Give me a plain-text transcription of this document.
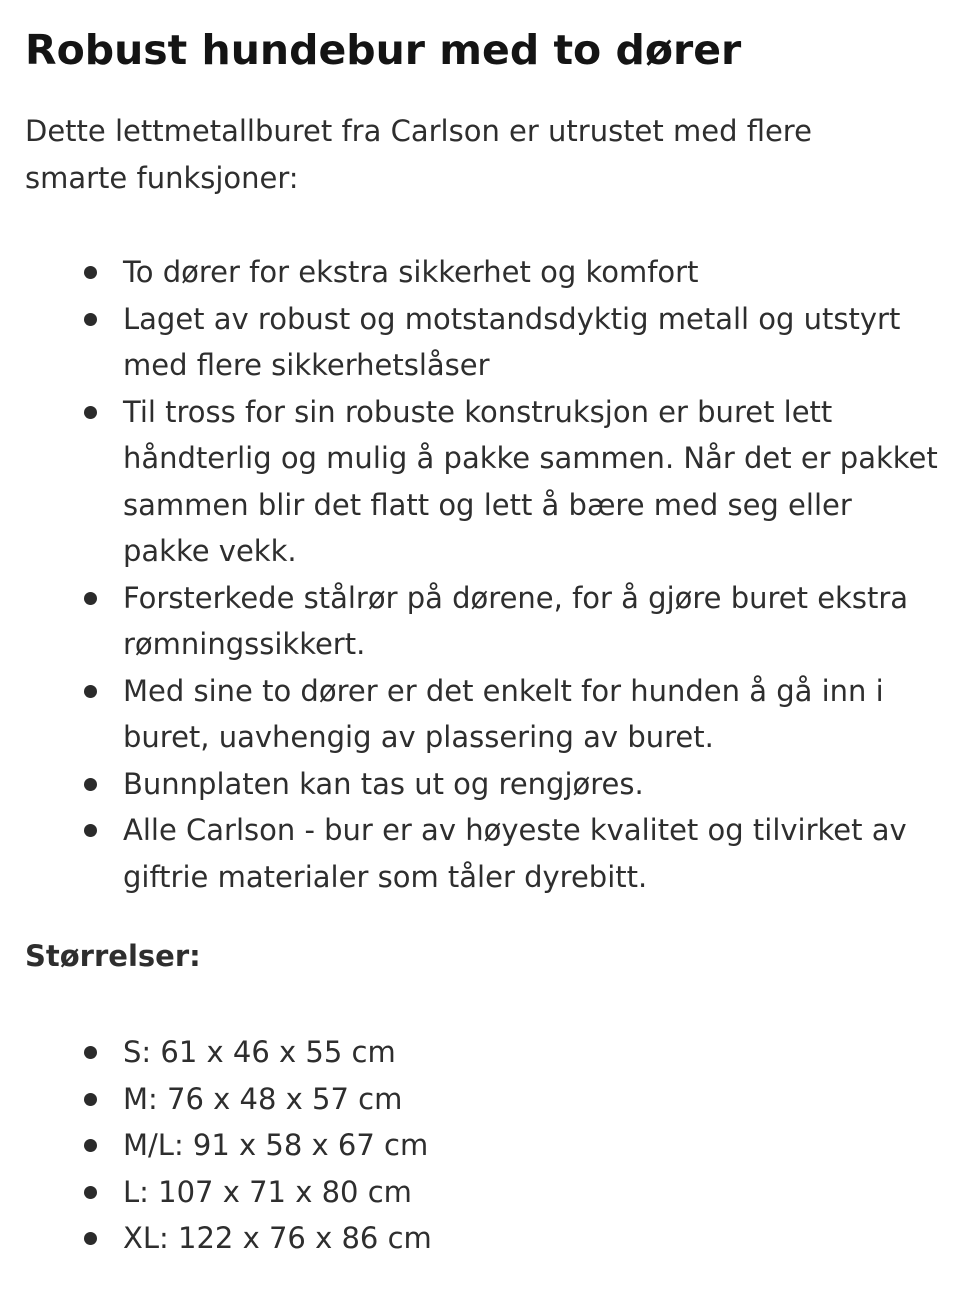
Robust hundebur med to dører

Dette lettmetallburet fra Carlson er utrustet med flere smarte funksjoner:

To dører for ekstra sikkerhet og komfort
Laget av robust og motstandsdyktig metall og utstyrt med flere sikkerhetslåser
Til tross for sin robuste konstruksjon er buret lett håndterlig og mulig å pakke sammen. Når det er pakket sammen blir det flatt og lett å bære med seg eller pakke vekk.
Forsterkede stålrør på dørene, for å gjøre buret ekstra rømningssikkert.
Med sine to dører er det enkelt for hunden å gå inn i buret, uavhengig av plassering av buret.
Bunnplaten kan tas ut og rengjøres.
Alle Carlson - bur er av høyeste kvalitet og tilvirket av giftrie materialer som tåler dyrebitt.

Størrelser:

S: 61 x 46 x 55 cm
M: 76 x 48 x 57 cm
M/L: 91 x 58 x 67 cm
L: 107 x 71 x 80 cm
XL: 122 x 76 x 86 cm
